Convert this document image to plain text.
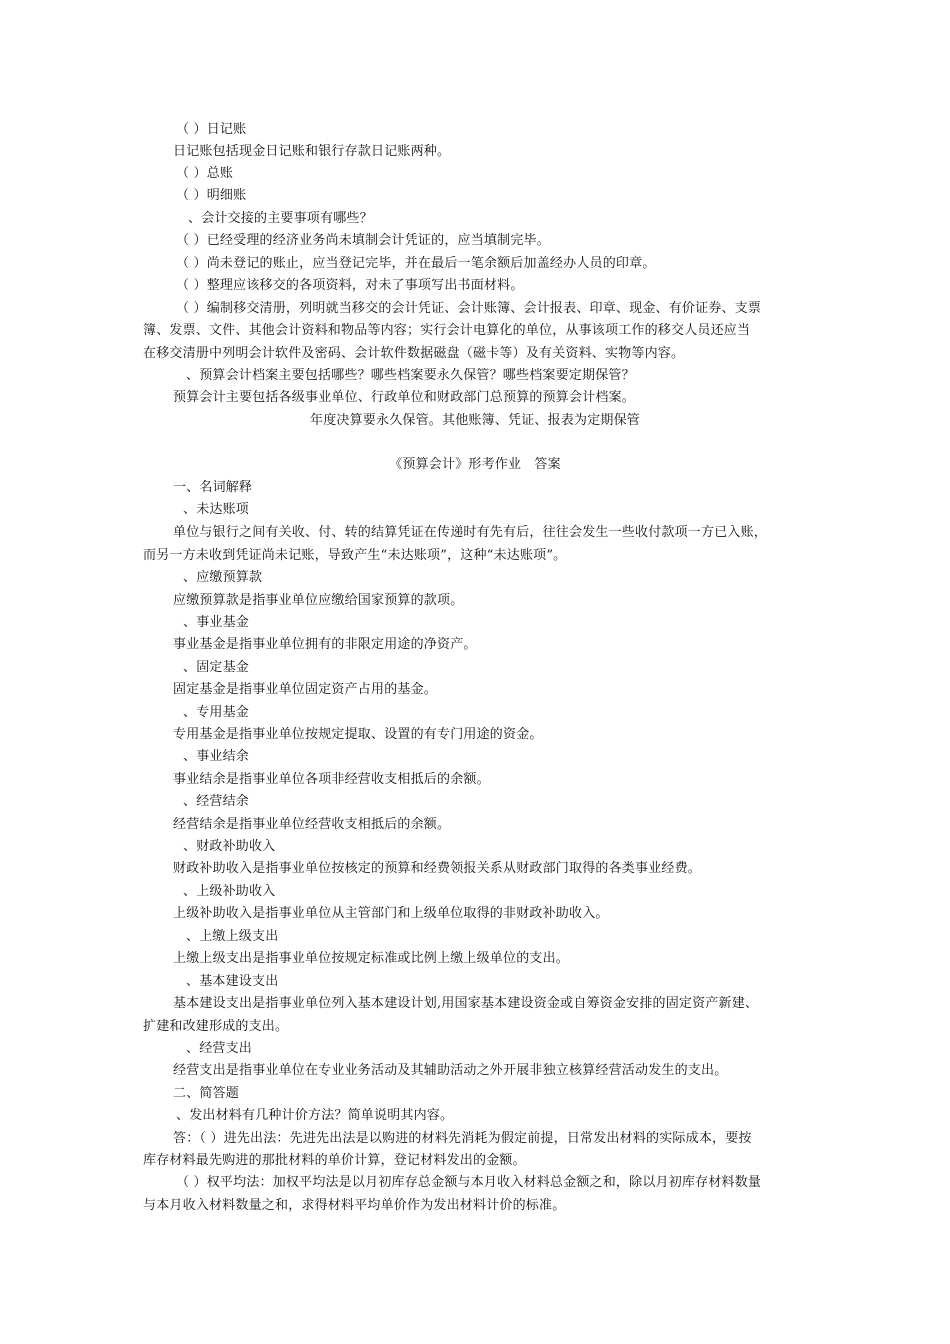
（ ）日记账
日记账包括现金日记账和银行存款日记账两种。
（ ）总账
（ ）明细账
、会计交接的主要事项有哪些？
（ ）已经受理的经济业务尚未填制会计凭证的，应当填制完毕。
（ ）尚未登记的账止，应当登记完毕，并在最后一笔余额后加盖经办人员的印章。
（ ）整理应该移交的各项资料，对未了事项写出书面材料。
（ ）编制移交清册，列明就当移交的会计凭证、会计账簿、会计报表、印章、现金、有价证券、支票
簿、发票、文件、其他会计资料和物品等内容；实行会计电算化的单位，从事该项工作的移交人员还应当
在移交清册中列明会计软件及密码、会计软件数据磁盘（磁卡等）及有关资料、实物等内容。
、预算会计档案主要包括哪些？哪些档案要永久保管？哪些档案要定期保管？
预算会计主要包括各级事业单位、行政单位和财政部门总预算的预算会计档案。
年度决算要永久保管。其他账簿、凭证、报表为定期保管
《预算会计》形考作业　答案
一、名词解释
、未达账项
单位与银行之间有关收、付、转的结算凭证在传递时有先有后，往往会发生一些收付款项一方已入账，
而另一方未收到凭证尚未记账，导致产生“未达账项”，这种“未达账项”。
、应缴预算款
应缴预算款是指事业单位应缴给国家预算的款项。
、事业基金
事业基金是指事业单位拥有的非限定用途的净资产。
、固定基金
固定基金是指事业单位固定资产占用的基金。
、专用基金
专用基金是指事业单位按规定提取、设置的有专门用途的资金。
、事业结余
事业结余是指事业单位各项非经营收支相抵后的余额。
、经营结余
经营结余是指事业单位经营收支相抵后的余额。
、财政补助收入
财政补助收入是指事业单位按核定的预算和经费领报关系从财政部门取得的各类事业经费。
、上级补助收入
上级补助收入是指事业单位从主管部门和上级单位取得的非财政补助收入。
、上缴上级支出
上缴上级支出是指事业单位按规定标准或比例上缴上级单位的支出。
、基本建设支出
基本建设支出是指事业单位列入基本建设计划,用国家基本建设资金或自筹资金安排的固定资产新建、
扩建和改建形成的支出。
、经营支出
经营支出是指事业单位在专业业务活动及其辅助活动之外开展非独立核算经营活动发生的支出。
二、简答题
、发出材料有几种计价方法？简单说明其内容。
答：（ ）进先出法：先进先出法是以购进的材料先消耗为假定前提，日常发出材料的实际成本，要按
库存材料最先购进的那批材料的单价计算，登记材料发出的金额。
（ ）权平均法：加权平均法是以月初库存总金额与本月收入材料总金额之和，除以月初库存材料数量
与本月收入材料数量之和，求得材料平均单价作为发出材料计价的标准。
